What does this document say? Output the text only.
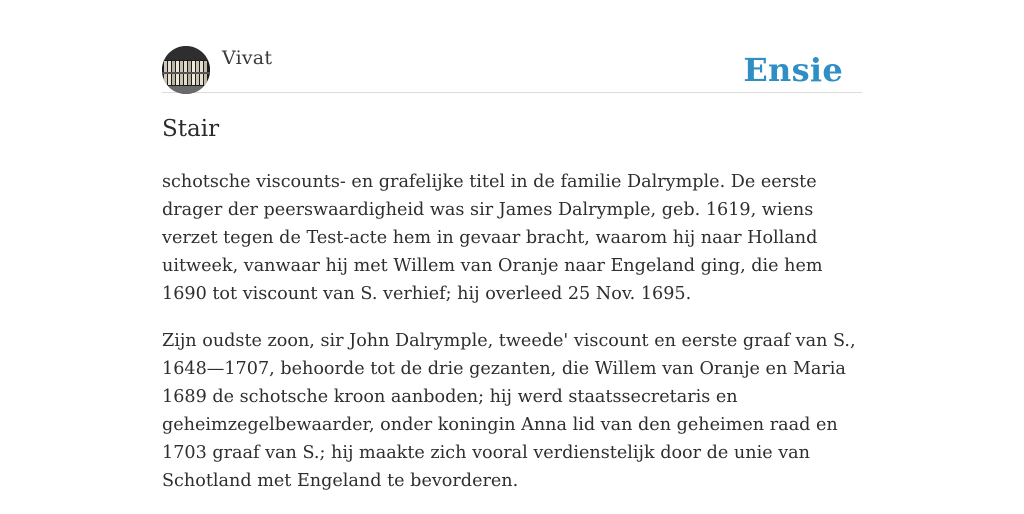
Vivat	Ensie
Stair

schotsche viscounts- en grafelijke titel in de familie Dalrymple. De eerste drager der peerswaardigheid was sir James Dalrymple, geb. 1619, wiens verzet tegen de Test-acte hem in gevaar bracht, waarom hij naar Holland uitweek, vanwaar hij met Willem van Oranje naar Engeland ging, die hem 1690 tot viscount van S. verhief; hij overleed 25 Nov. 1695.

Zijn oudste zoon, sir John Dalrymple, tweede' viscount en eerste graaf van S., 1648—1707, behoorde tot de drie gezanten, die Willem van Oranje en Maria 1689 de schotsche kroon aanboden; hij werd staatssecretaris en geheimzegelbewaarder, onder koningin Anna lid van den geheimen raad en 1703 graaf van S.; hij maakte zich vooral verdienstelijk door de unie van Schotland met Engeland te bevorderen.
